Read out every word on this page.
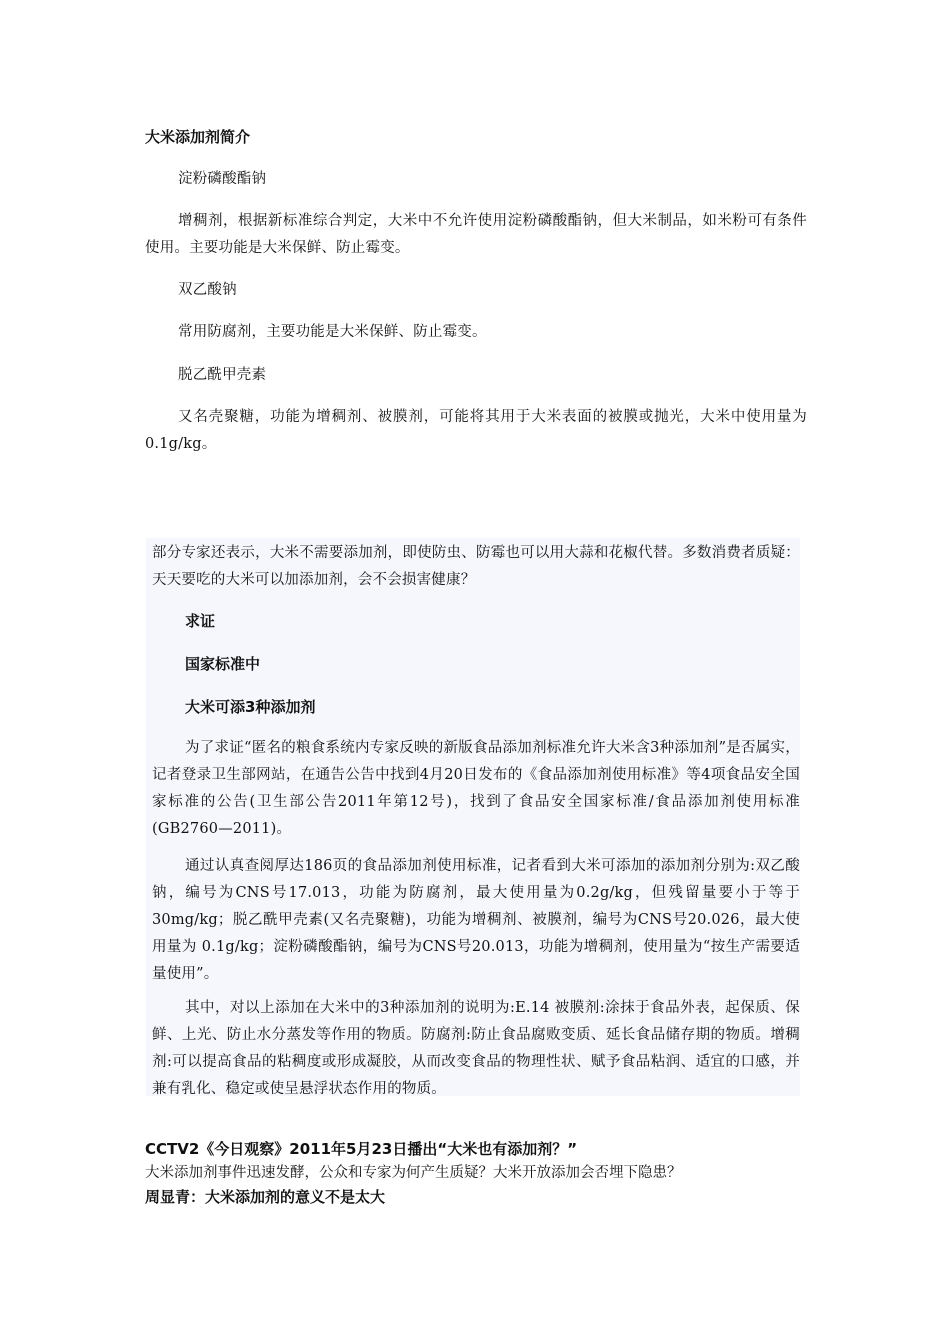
大米添加剂简介
淀粉磷酸酯钠
增稠剂，根据新标准综合判定，大米中不允许使用淀粉磷酸酯钠，但大米制品，如米粉可有条件使用。主要功能是大米保鲜、防止霉变。
双乙酸钠
常用防腐剂，主要功能是大米保鲜、防止霉变。
脱乙酰甲壳素
又名壳聚糖，功能为增稠剂、被膜剂，可能将其用于大米表面的被膜或抛光，大米中使用量为0.1g/kg。
部分专家还表示，大米不需要添加剂，即使防虫、防霉也可以用大蒜和花椒代替。多数消费者质疑：天天要吃的大米可以加添加剂，会不会损害健康？
求证
国家标准中
大米可添3种添加剂
为了求证“匿名的粮食系统内专家反映的新版食品添加剂标准允许大米含3种添加剂”是否属实，记者登录卫生部网站，在通告公告中找到4月20日发布的《食品添加剂使用标准》等4项食品安全国家标准的公告(卫生部公告2011年第12号)，找到了食品安全国家标准/食品添加剂使用标准(GB2760—2011)。
通过认真查阅厚达186页的食品添加剂使用标准，记者看到大米可添加的添加剂分别为:双乙酸钠，编号为CNS号17.013，功能为防腐剂，最大使用量为0.2g/kg，但残留量要小于等于30mg/kg；脱乙酰甲壳素(又名壳聚糖)，功能为增稠剂、被膜剂，编号为CNS号20.026，最大使用量为 0.1g/kg；淀粉磷酸酯钠，编号为CNS号20.013，功能为增稠剂，使用量为“按生产需要适量使用”。
其中，对以上添加在大米中的3种添加剂的说明为:E.14 被膜剂:涂抹于食品外表，起保质、保鲜、上光、防止水分蒸发等作用的物质。防腐剂:防止食品腐败变质、延长食品储存期的物质。增稠剂:可以提高食品的粘稠度或形成凝胶，从而改变食品的物理性状、赋予食品粘润、适宜的口感，并兼有乳化、稳定或使呈悬浮状态作用的物质。
CCTV2《今日观察》2011年5月23日播出“大米也有添加剂？”
大米添加剂事件迅速发酵，公众和专家为何产生质疑？大米开放添加会否埋下隐患？
周显青：大米添加剂的意义不是太大
